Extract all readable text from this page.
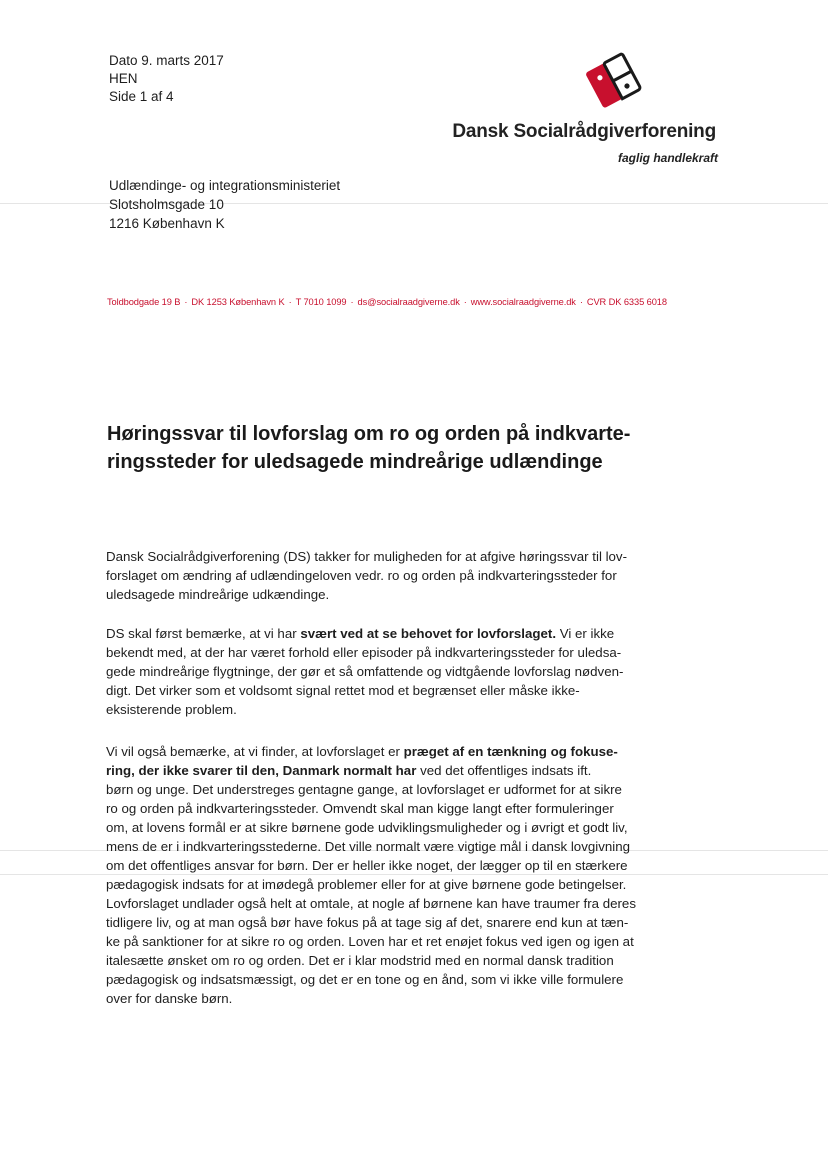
Dato 9. marts 2017
HEN
Side 1 af 4
Dansk Socialrådgiverforening
faglig handlekraft
Udlændinge- og integrationsministeriet
Slotsholmsgade 10
1216 København K
Toldbodgade 19 B · DK 1253 København K · T 7010 1099 · ds@socialraadgiverne.dk · www.socialraadgiverne.dk · CVR DK 6335 6018
Høringssvar til lovforslag om ro og orden på indkvarte-
ringssteder for uledsagede mindreårige udlændinge
Dansk Socialrådgiverforening (DS) takker for muligheden for at afgive høringssvar til lov-
forslaget om ændring af udlændingeloven vedr. ro og orden på indkvarteringssteder for
uledsagede mindreårige udkændinge.
DS skal først bemærke, at vi har svært ved at se behovet for lovforslaget. Vi er ikke
bekendt med, at der har været forhold eller episoder på indkvarteringssteder for uledsa-
gede mindreårige flygtninge, der gør et så omfattende og vidtgående lovforslag nødven-
digt. Det virker som et voldsomt signal rettet mod et begrænset eller måske ikke-
eksisterende problem.
Vi vil også bemærke, at vi finder, at lovforslaget er præget af en tænkning og fokuse-
ring, der ikke svarer til den, Danmark normalt har ved det offentliges indsats ift.
børn og unge. Det understreges gentagne gange, at lovforslaget er udformet for at sikre
ro og orden på indkvarteringssteder. Omvendt skal man kigge langt efter formuleringer
om, at lovens formål er at sikre børnene gode udviklingsmuligheder og i øvrigt et godt liv,
mens de er i indkvarteringsstederne. Det ville normalt være vigtige mål i dansk lovgivning
om det offentliges ansvar for børn. Der er heller ikke noget, der lægger op til en stærkere
pædagogisk indsats for at imødegå problemer eller for at give børnene gode betingelser.
Lovforslaget undlader også helt at omtale, at nogle af børnene kan have traumer fra deres
tidligere liv, og at man også bør have fokus på at tage sig af det, snarere end kun at tæn-
ke på sanktioner for at sikre ro og orden. Loven har et ret enøjet fokus ved igen og igen at
italesætte ønsket om ro og orden. Det er i klar modstrid med en normal dansk tradition
pædagogisk og indsatsmæssigt, og det er en tone og en ånd, som vi ikke ville formulere
over for danske børn.
